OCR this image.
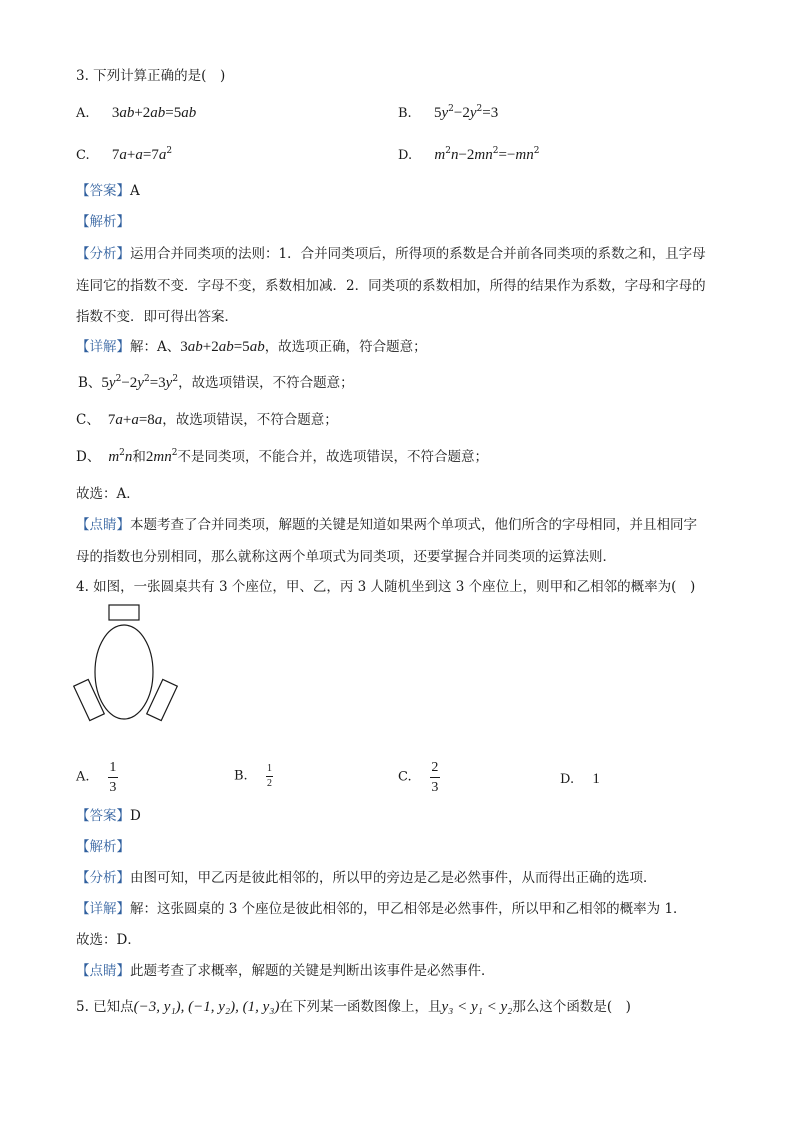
3. 下列计算正确的是(　)
A. 3ab+2ab=5ab	B. $5y^2-2y^2=3$
C. $7a+a=7a^2$	D. $m^2n-2mn^2=-mn^2$
【答案】A
【解析】
【分析】运用合并同类项的法则：1．合并同类项后，所得项的系数是合并前各同类项的系数之和，且字母
连同它的指数不变．字母不变，系数相加减．2．同类项的系数相加，所得的结果作为系数，字母和字母的
指数不变．即可得出答案．
【详解】解：A、3ab+2ab=5ab，故选项正确，符合题意；
B、$5y^2-2y^2=3y^2$，故选项错误，不符合题意；
C、 7a+a=8a，故选项错误，不符合题意；
D、 $m^2n$和$2mn^2$不是同类项，不能合并，故选项错误，不符合题意；
故选：A．
【点睛】本题考查了合并同类项，解题的关键是知道如果两个单项式，他们所含的字母相同，并且相同字
母的指数也分别相同，那么就称这两个单项式为同类项，还要掌握合并同类项的运算法则．
4. 如图，一张圆桌共有 3 个座位，甲、乙，丙 3 人随机坐到这 3 个座位上，则甲和乙相邻的概率为(　)
A. $\frac{1}{3}$	B. $\frac{1}{2}$	C. $\frac{2}{3}$	D. 1
【答案】D
【解析】
【分析】由图可知，甲乙丙是彼此相邻的，所以甲的旁边是乙是必然事件，从而得出正确的选项．
【详解】解：这张圆桌的 3 个座位是彼此相邻的，甲乙相邻是必然事件，所以甲和乙相邻的概率为 1．
故选：D．
【点睛】此题考查了求概率，解题的关键是判断出该事件是必然事件．
5. 已知点(−3, y₁), (−1, y₂), (1, y₃)在下列某一函数图像上，且y₃ < y₁ < y₂那么这个函数是(　)
